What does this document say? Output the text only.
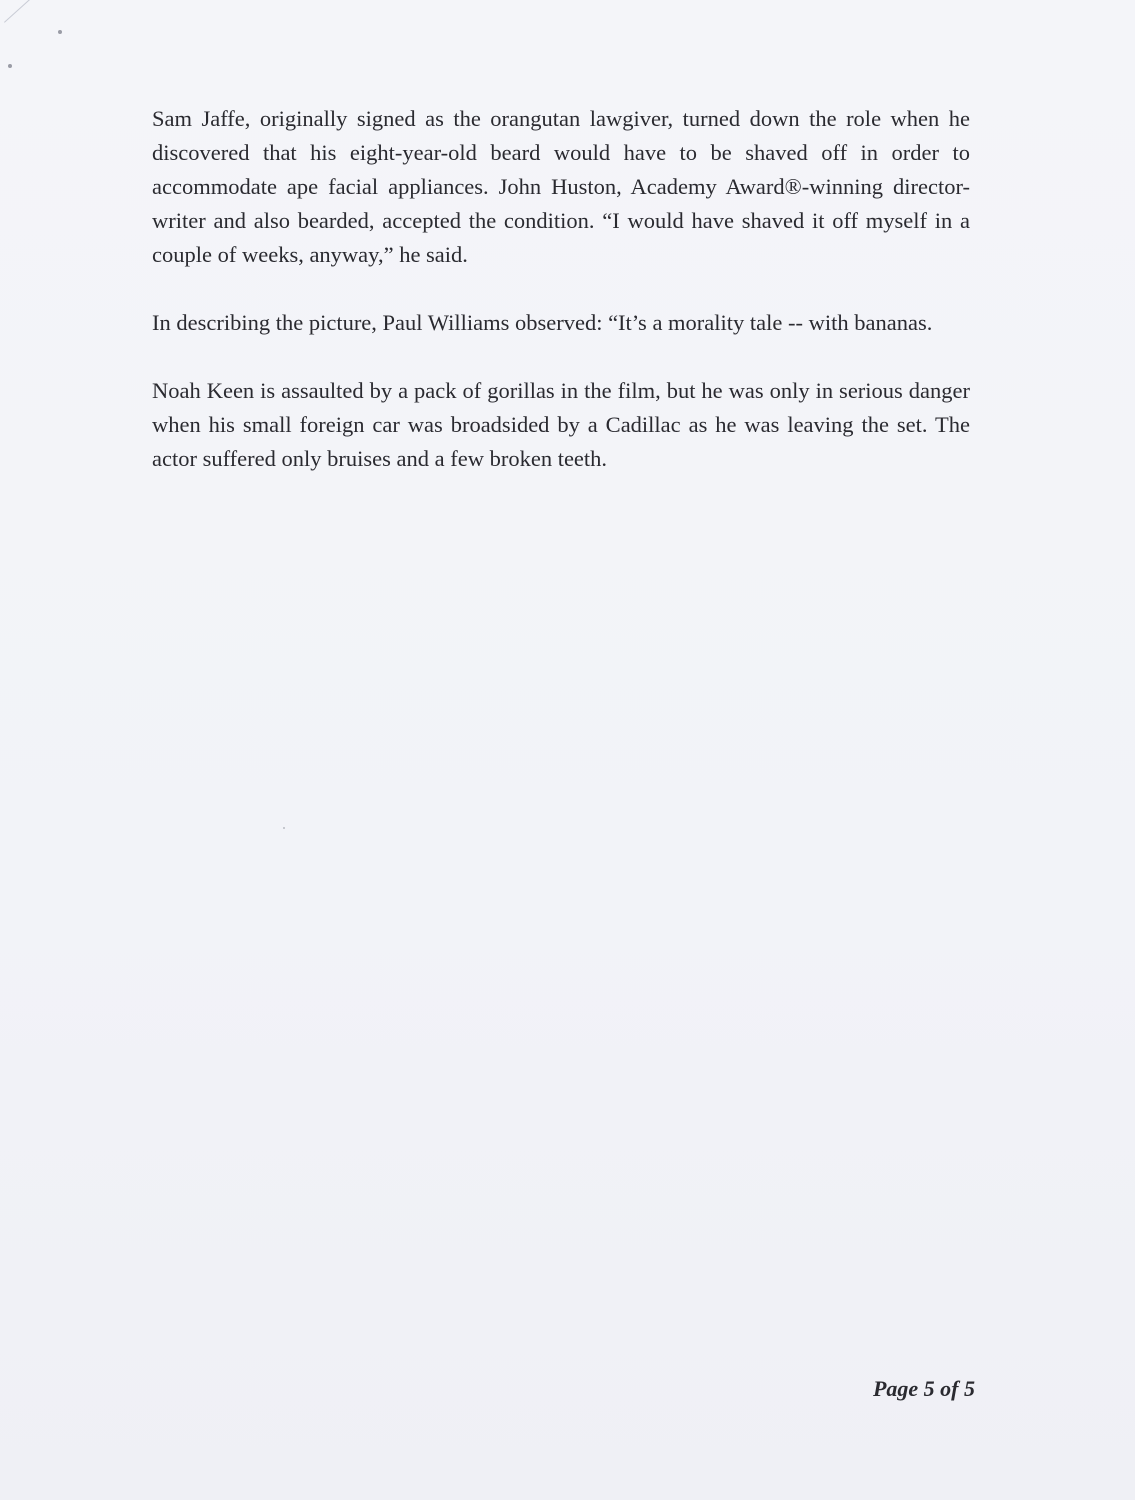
Sam Jaffe, originally signed as the orangutan lawgiver, turned down the role when he discovered that his eight-year-old beard would have to be shaved off in order to accommodate ape facial appliances. John Huston, Academy Award®-winning director-writer and also bearded, accepted the condition. “I would have shaved it off myself in a couple of weeks, anyway,” he said.

In describing the picture, Paul Williams observed: “It’s a morality tale -- with bananas.

Noah Keen is assaulted by a pack of gorillas in the film, but he was only in serious danger when his small foreign car was broadsided by a Cadillac as he was leaving the set. The actor suffered only bruises and a few broken teeth.

Page 5 of 5
